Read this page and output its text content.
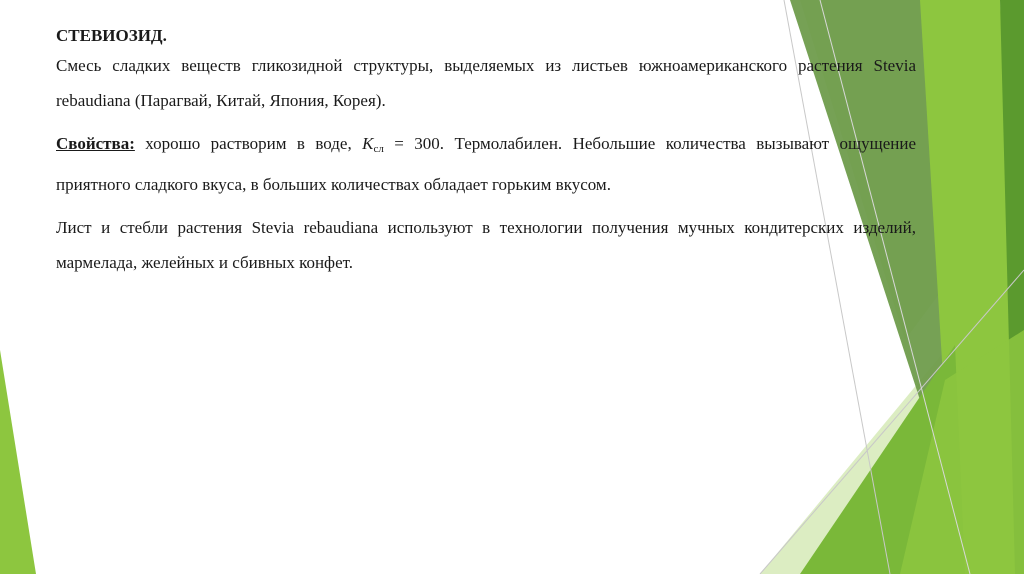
СТЕВИОЗИД.

Смесь сладких веществ гликозидной структуры, выделяемых из листьев южноамериканского растения Stevia rebaudiana (Парагвай, Китай, Япония, Корея).

Свойства: хорошо растворим в воде, Kсл = 300. Термолабилен. Небольшие количества вызывают ощущение приятного сладкого вкуса, в больших количествах обладает горьким вкусом.

Лист и стебли растения Stevia rebaudiana используют в технологии получения мучных кондитерских изделий, мармелада, желейных и сбивных конфет.
